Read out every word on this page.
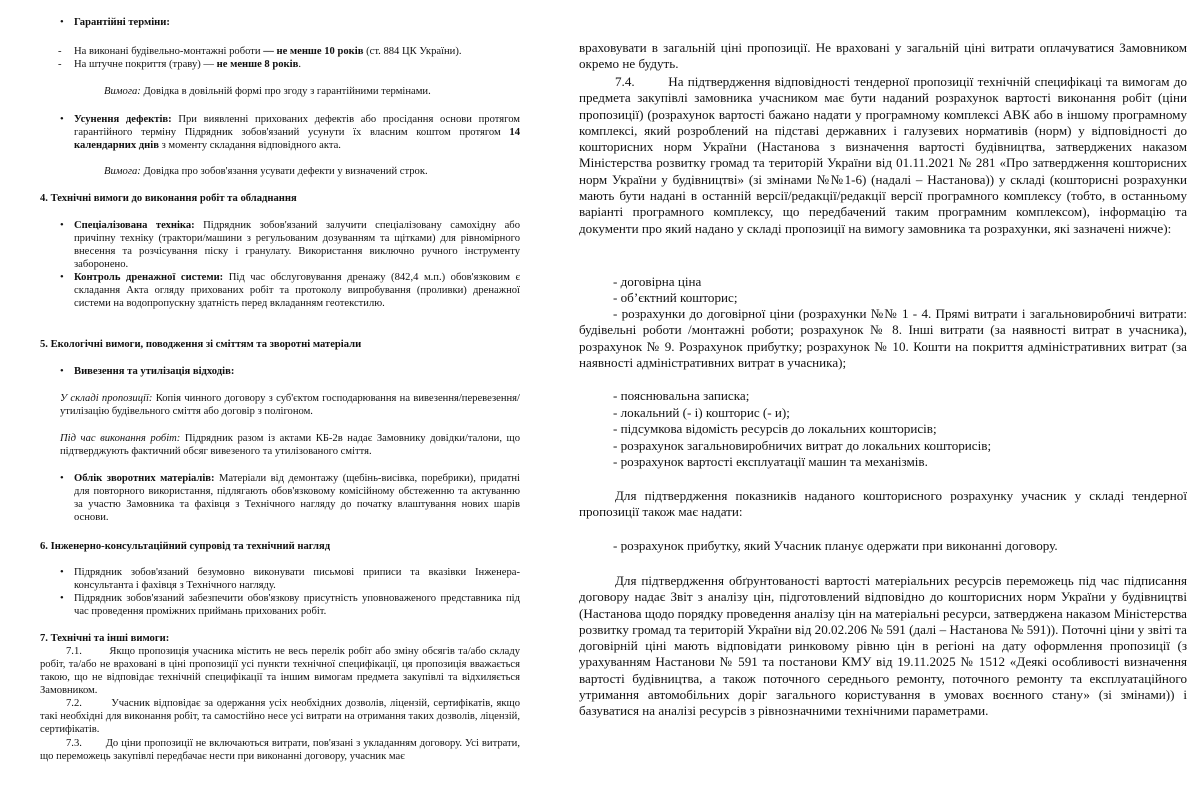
• Гарантійні терміни:

- На виконані будівельно-монтажні роботи — не менше 10 років (ст. 884 ЦК України).

- На штучне покриття (траву) — не менше 8 років.

Вимога: Довідка в довільній формі про згоду з гарантійними термінами.

• Усунення дефектів: При виявленні прихованих дефектів або просідання основи протягом гарантійного терміну Підрядник зобов'язаний усунути їх власним коштом протягом 14 календарних днів з моменту складання відповідного акта.

Вимога: Довідка про зобов'язання усувати дефекти у визначений строк.

4. Технічні вимоги до виконання робіт та обладнання

• Спеціалізована техніка: Підрядник зобов'язаний залучити спеціалізовану самохідну або причіпну техніку (трактори/машини з регульованим дозуванням та щітками) для рівномірного внесення та розчісування піску і гранулату. Використання виключно ручного інструменту заборонено.

• Контроль дренажної системи: Під час обслуговування дренажу (842,4 м.п.) обов'язковим є складання Акта огляду прихованих робіт та протоколу випробування (проливки) дренажної системи на водопропускну здатність перед вкладанням геотекстилю.

5. Екологічні вимоги, поводження зі сміттям та зворотні матеріали

• Вивезення та утилізація відходів:

У складі пропозиції: Копія чинного договору з суб'єктом господарювання на вивезення/перевезення/утилізацію будівельного сміття або договір з полігоном.

Під час виконання робіт: Підрядник разом із актами КБ-2в надає Замовнику довідки/талони, що підтверджують фактичний обсяг вивезеного та утилізованого сміття.

• Облік зворотних матеріалів: Матеріали від демонтажу (щебінь-висівка, поребрики), придатні для повторного використання, підлягають обов'язковому комісійному обстеженню та актуванню за участю Замовника та фахівця з Технічного нагляду до початку влаштування нових шарів основи.

6. Інженерно-консультаційний супровід та технічний нагляд

• Підрядник зобов'язаний безумовно виконувати письмові приписи та вказівки Інженера-консультанта і фахівця з Технічного нагляду.

• Підрядник зобов'язаний забезпечити обов'язкову присутність уповноваженого представника під час проведення проміжних приймань прихованих робіт.

7. Технічні та інші вимоги:

7.1.	Якщо пропозиція учасника містить не весь перелік робіт або зміну обсягів та/або складу робіт, та/або не враховані в ціні пропозиції усі пункти технічної специфікації, ця пропозиція вважається такою, що не відповідає технічній специфікації та іншим вимогам предмета закупівлі та відхиляється Замовником.

7.2.	Учасник відповідає за одержання усіх необхідних дозволів, ліцензій, сертифікатів, якщо такі необхідні для виконання робіт, та самостійно несе усі витрати на отримання таких дозволів, ліцензій, сертифікатів.

7.3. До ціни пропозиції не включаються витрати, пов'язані з укладанням договору. Усі витрати, що переможець закупівлі передбачає нести при виконанні договору, учасник має

враховувати в загальній ціні пропозиції. Не враховані у загальній ціні витрати оплачуватися Замовником окремо не будуть.

7.4.	На підтвердження відповідності тендерної пропозиції технічній специфікаці та вимогам до предмета закупівлі замовника учасником має бути наданий розрахунок вартості виконання робіт (ціни пропозиції) (розрахунок вартості бажано надати у програмному комплексі АВК або в іншому програмному комплексі, який розроблений на підставі державних і галузевих нормативів (норм) у відповідності до кошторисних норм України (Настанова з визначення вартості будівництва, затверджених наказом Міністерства розвитку громад та територій України від 01.11.2021 № 281 «Про затвердження кошторисних норм України у будівництві» (зі змінами №№1-6) (надалі – Настанова)) у складі (кошторисні розрахунки мають бути надані в останній версії/редакції/редакції версії програмного комплексу (тобто, в останньому варіанті програмного комплексу, що передбачений таким програмним комплексом), інформацію та документи про який надано у складі пропозиції на вимогу замовника та розрахунки, які зазначені нижче):

- договірна ціна

- об’єктний кошторис;

- розрахунки до договірної ціни (розрахунки №№ 1 - 4. Прямі витрати і загальновиробничі витрати: будівельні роботи /монтажні роботи; розрахунок № 8. Інші витрати (за наявності витрат в учасника), розрахунок № 9. Розрахунок прибутку; розрахунок № 10. Кошти на покриття адміністративних витрат (за наявності адміністративних витрат в учасника);

- пояснювальна записка;

- локальний (- і) кошторис (- и);

- підсумкова відомість ресурсів до локальних кошторисів;

- розрахунок загальновиробничих витрат до локальних кошторисів;

- розрахунок вартості експлуатації машин та механізмів.

Для підтвердження показників наданого кошторисного розрахунку учасник у складі тендерної пропозиції також має надати:

- розрахунок прибутку, який Учасник планує одержати при виконанні договору.

Для підтвердження обґрунтованості вартості матеріальних ресурсів переможець під час підписання договору надає Звіт з аналізу цін, підготовлений відповідно до кошторисних норм України у будівництві (Настанова щодо порядку проведення аналізу цін на матеріальні ресурси, затверджена наказом Міністерства розвитку громад та територій України від 20.02.206 № 591 (далі – Настанова № 591)). Поточні ціни у звіті та договірній ціні мають відповідати ринковому рівню цін в регіоні на дату оформлення пропозиції (з урахуванням Настанови № 591 та постанови КМУ від 19.11.2025 № 1512 «Деякі особливості визначення вартості будівництва, а також поточного середнього ремонту, поточного ремонту та експлуатаційного утримання автомобільних доріг загального користування в умовах воєнного стану» (зі змінами)) і базуватися на аналізі ресурсів з рівнозначними технічними параметрами.
